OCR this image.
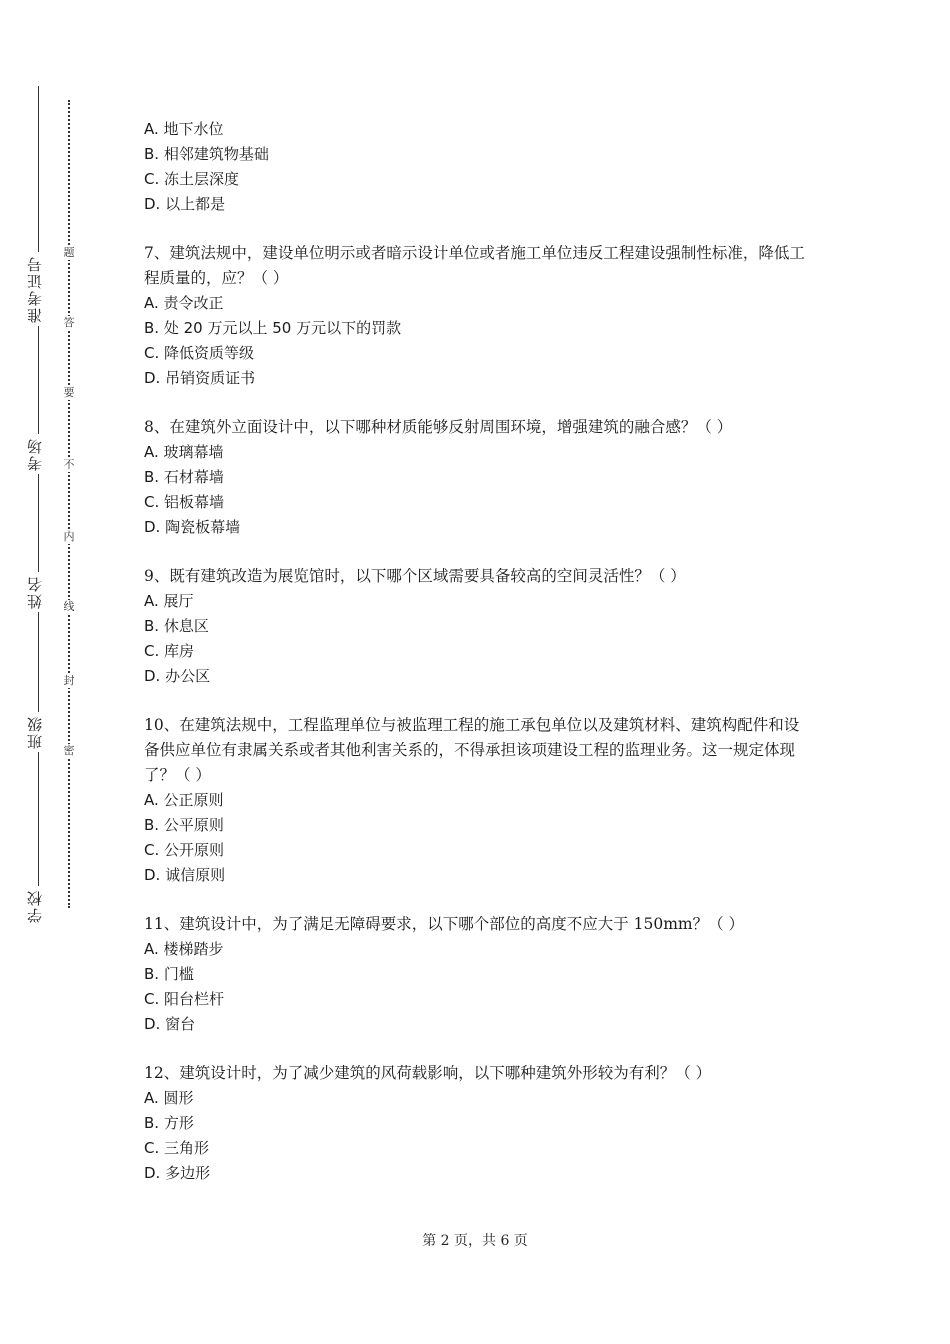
准考证号
考场
姓名
班级
学校
题
答
要
不
内
线
封
密
A. 地下水位
B. 相邻建筑物基础
C. 冻土层深度
D. 以上都是
7、建筑法规中，建设单位明示或者暗示设计单位或者施工单位违反工程建设强制性标准，降低工程质量的，应？（ ）
A. 责令改正
B. 处 20 万元以上 50 万元以下的罚款
C. 降低资质等级
D. 吊销资质证书
8、在建筑外立面设计中，以下哪种材质能够反射周围环境，增强建筑的融合感？（ ）
A. 玻璃幕墙
B. 石材幕墙
C. 铝板幕墙
D. 陶瓷板幕墙
9、既有建筑改造为展览馆时，以下哪个区域需要具备较高的空间灵活性？（ ）
A. 展厅
B. 休息区
C. 库房
D. 办公区
10、在建筑法规中，工程监理单位与被监理工程的施工承包单位以及建筑材料、建筑构配件和设备供应单位有隶属关系或者其他利害关系的，不得承担该项建设工程的监理业务。这一规定体现了？（ ）
A. 公正原则
B. 公平原则
C. 公开原则
D. 诚信原则
11、建筑设计中，为了满足无障碍要求，以下哪个部位的高度不应大于 150mm？（ ）
A. 楼梯踏步
B. 门槛
C. 阳台栏杆
D. 窗台
12、建筑设计时，为了减少建筑的风荷载影响，以下哪种建筑外形较为有利？（ ）
A. 圆形
B. 方形
C. 三角形
D. 多边形
第 2 页，共 6 页
